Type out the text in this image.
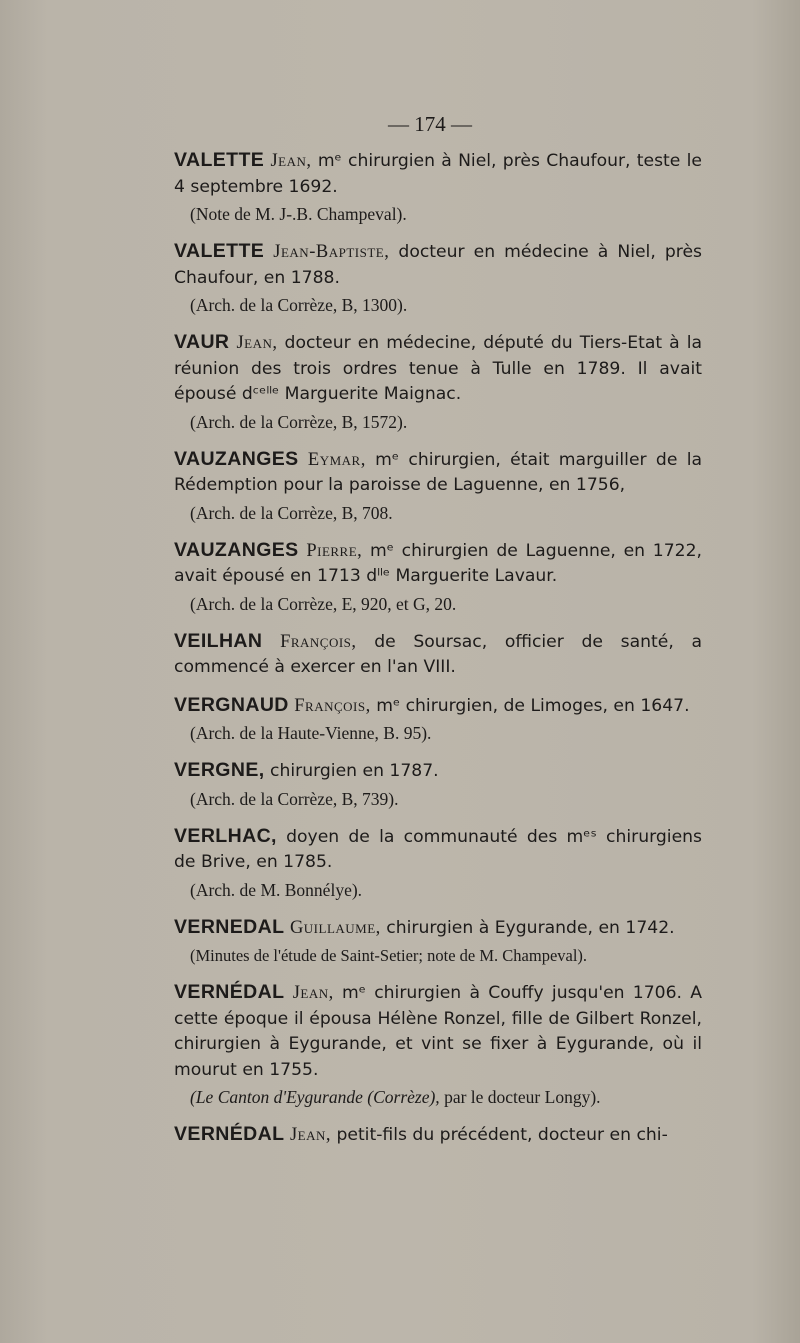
— 174 —

VALETTE Jean, mᵉ chirurgien à Niel, près Chaufour, teste le 4 septembre 1692.

(Note de M. J-.B. Champeval).

VALETTE Jean-Baptiste, docteur en médecine à Niel, près Chaufour, en 1788.

(Arch. de la Corrèze, B, 1300).

VAUR Jean, docteur en médecine, député du Tiers-Etat à la réunion des trois ordres tenue à Tulle en 1789. Il avait épousé dᶜᵉˡˡᵉ Marguerite Maignac.

(Arch. de la Corrèze, B, 1572).

VAUZANGES Eymar, mᵉ chirurgien, était marguiller de la Rédemption pour la paroisse de Laguenne, en 1756,

(Arch. de la Corrèze, B, 708.

VAUZANGES Pierre, mᵉ chirurgien de Laguenne, en 1722, avait épousé en 1713 dˡˡᵉ Marguerite Lavaur.

(Arch. de la Corrèze, E, 920, et G, 20.

VEILHAN François, de Soursac, officier de santé, a commencé à exercer en l'an VIII.

VERGNAUD François, mᵉ chirurgien, de Limoges, en 1647.

(Arch. de la Haute-Vienne, B. 95).

VERGNE, chirurgien en 1787.

(Arch. de la Corrèze, B, 739).

VERLHAC, doyen de la communauté des mᵉˢ chirurgiens de Brive, en 1785.

(Arch. de M. Bonnélye).

VERNEDAL Guillaume, chirurgien à Eygurande, en 1742.

(Minutes de l'étude de Saint-Setier; note de M. Champeval).

VERNÉDAL Jean, mᵉ chirurgien à Couffy jusqu'en 1706. A cette époque il épousa Hélène Ronzel, fille de Gilbert Ronzel, chirurgien à Eygurande, et vint se fixer à Eygurande, où il mourut en 1755.

(Le Canton d'Eygurande (Corrèze), par le docteur Longy).

VERNÉDAL Jean, petit-fils du précédent, docteur en chi-
